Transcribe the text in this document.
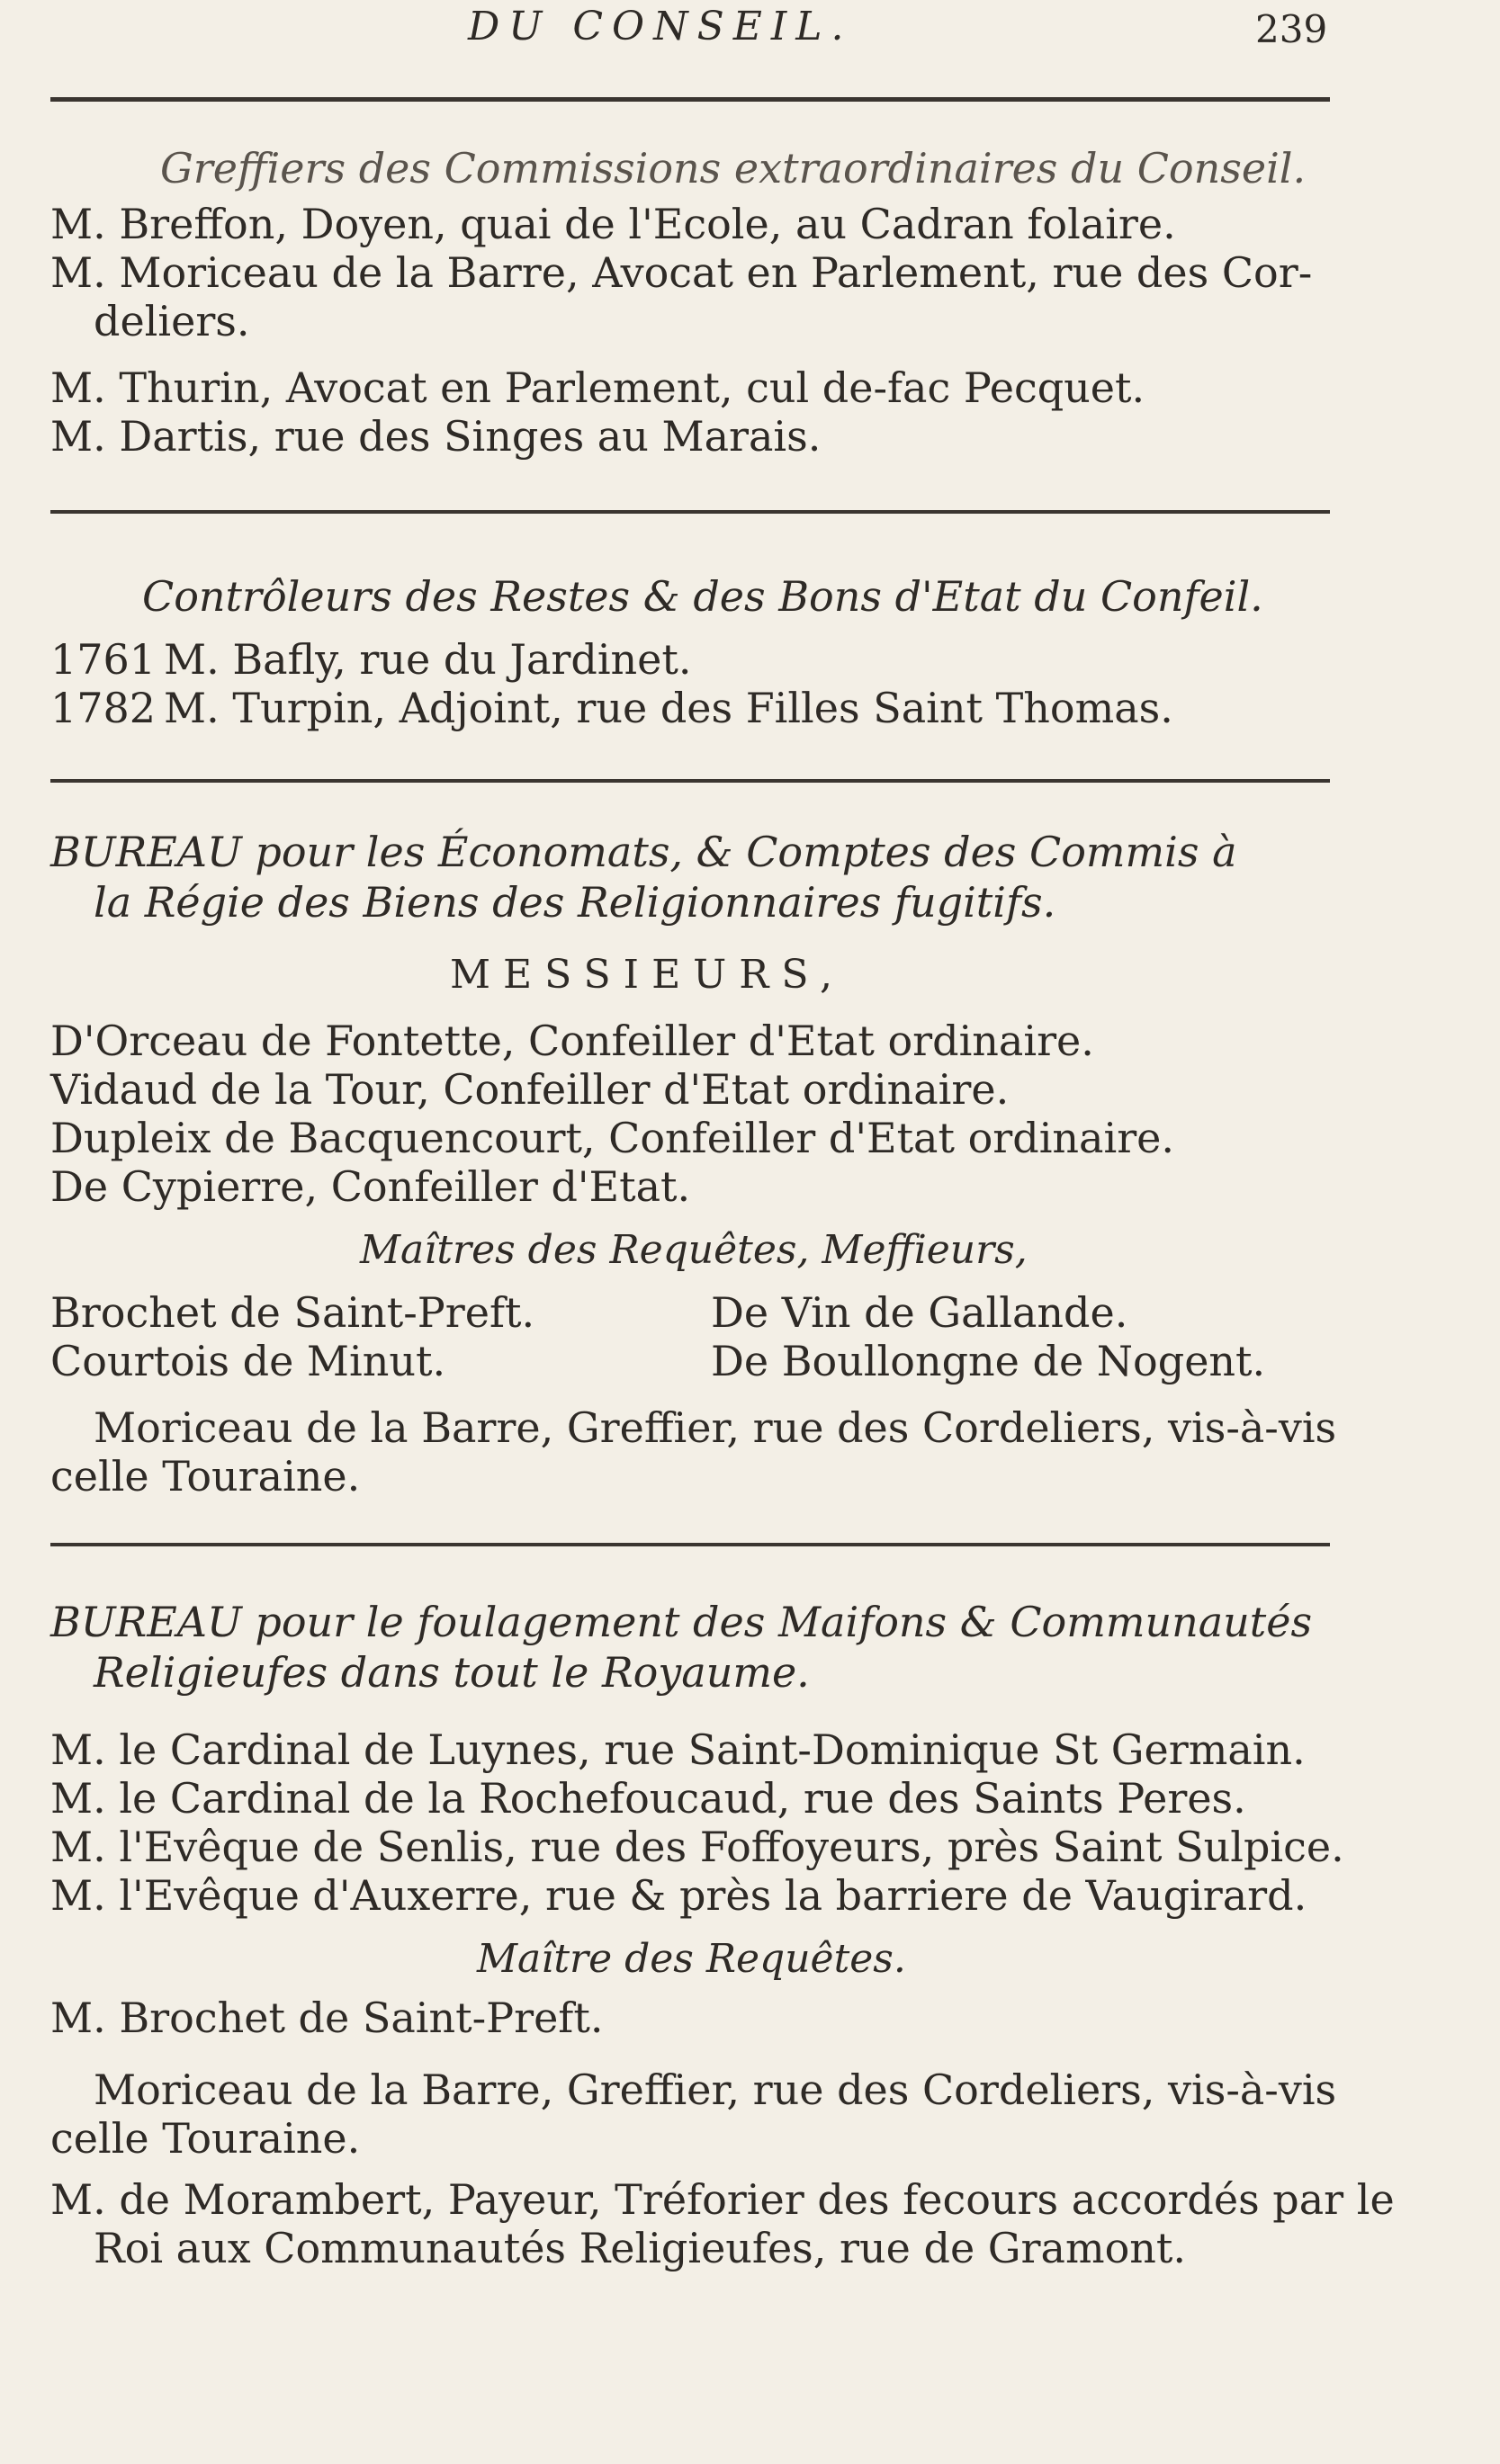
DU CONSEIL.	239
Greffiers des Commissions extraordinaires du Conseil.
M. Breffon, Doyen, quai de l'Ecole, au Cadran folaire.
M. Moriceau de la Barre, Avocat en Parlement, rue des Cor-
deliers.
M. Thurin, Avocat en Parlement, cul de-fac Pecquet.
M. Dartis, rue des Singes au Marais.
Contrôleurs des Restes & des Bons d'Etat du Confeil.
1761 M. Bafly, rue du Jardinet.
1782 M. Turpin, Adjoint, rue des Filles Saint Thomas.
BUREAU pour les Économats, & Comptes des Commis à
la Régie des Biens des Religionnaires fugitifs.
MESSIEURS,
D'Orceau de Fontette, Confeiller d'Etat ordinaire.
Vidaud de la Tour, Confeiller d'Etat ordinaire.
Dupleix de Bacquencourt, Confeiller d'Etat ordinaire.
De Cypierre, Confeiller d'Etat.
Maîtres des Requêtes, Meffieurs,
Brochet de Saint-Preft.
Courtois de Minut.
De Vin de Gallande.
De Boullongne de Nogent.
Moriceau de la Barre, Greffier, rue des Cordeliers, vis-à-vis
celle Touraine.
BUREAU pour le foulagement des Maifons & Communautés
Religieufes dans tout le Royaume.
M. le Cardinal de Luynes, rue Saint-Dominique St Germain.
M. le Cardinal de la Rochefoucaud, rue des Saints Peres.
M. l'Evêque de Senlis, rue des Foffoyeurs, près Saint Sulpice.
M. l'Evêque d'Auxerre, rue & près la barriere de Vaugirard.
Maître des Requêtes.
M. Brochet de Saint-Preft.
Moriceau de la Barre, Greffier, rue des Cordeliers, vis-à-vis
celle Touraine.
M. de Morambert, Payeur, Tréforier des fecours accordés par le
Roi aux Communautés Religieufes, rue de Gramont.
